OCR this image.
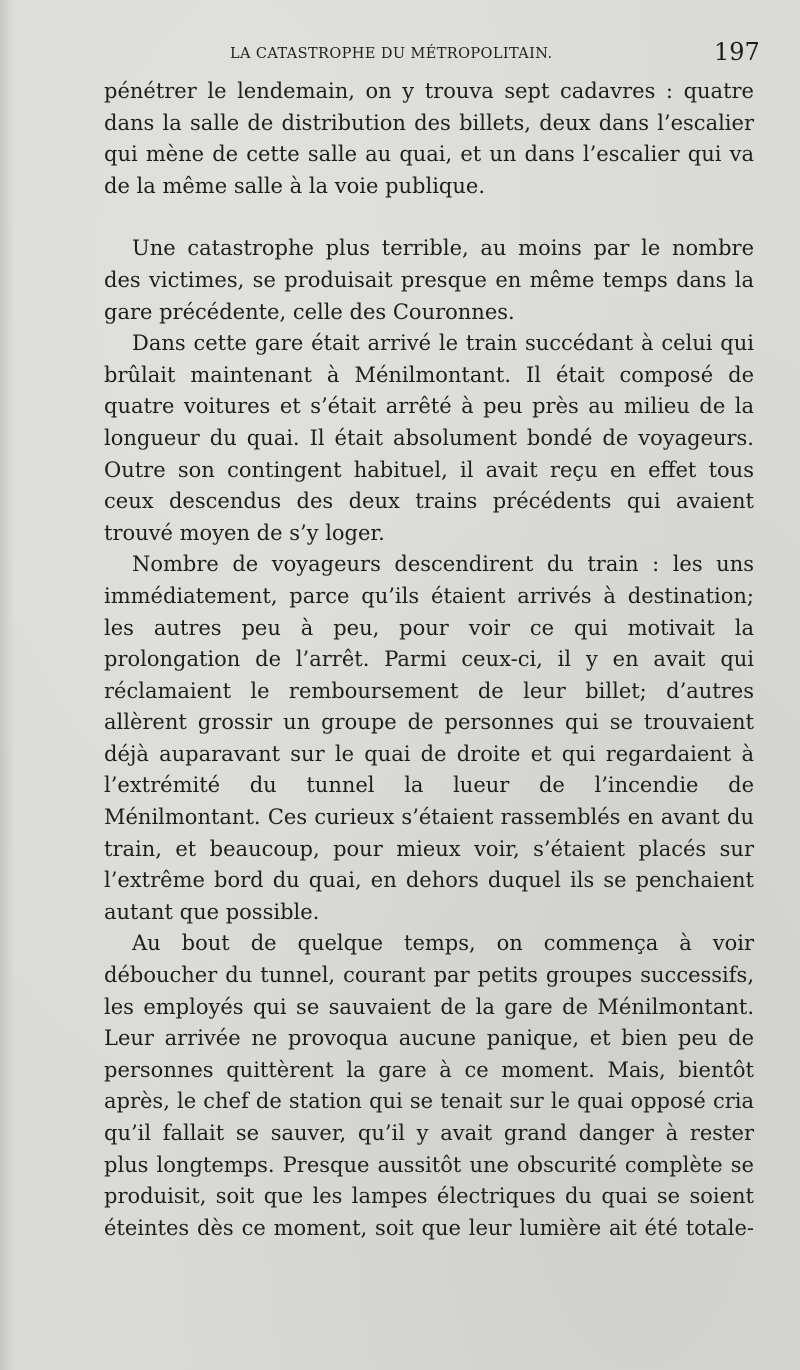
LA CATASTROPHE DU MÉTROPOLITAIN.	197

pénétrer le lendemain, on y trouva sept cadavres : quatre dans la salle de distribution des billets, deux dans l’escalier qui mène de cette salle au quai, et un dans l’escalier qui va de la même salle à la voie publique.

Une catastrophe plus terrible, au moins par le nombre des victimes, se produisait presque en même temps dans la gare précédente, celle des Couronnes.

Dans cette gare était arrivé le train succédant à celui qui brûlait maintenant à Ménilmontant. Il était composé de quatre voitures et s’était arrêté à peu près au milieu de la longueur du quai. Il était absolument bondé de voyageurs. Outre son contingent habituel, il avait reçu en effet tous ceux descendus des deux trains précédents qui avaient trouvé moyen de s’y loger.

Nombre de voyageurs descendirent du train : les uns immédiatement, parce qu’ils étaient arrivés à destination; les autres peu à peu, pour voir ce qui motivait la prolongation de l’arrêt. Parmi ceux-ci, il y en avait qui réclamaient le remboursement de leur billet; d’autres allèrent grossir un groupe de personnes qui se trouvaient déjà auparavant sur le quai de droite et qui regardaient à l’extrémité du tunnel la lueur de l’incendie de Ménilmontant. Ces curieux s’étaient rassemblés en avant du train, et beaucoup, pour mieux voir, s’étaient placés sur l’extrême bord du quai, en dehors duquel ils se penchaient autant que possible.

Au bout de quelque temps, on commença à voir déboucher du tunnel, courant par petits groupes successifs, les employés qui se sauvaient de la gare de Ménilmontant. Leur arrivée ne provoqua aucune panique, et bien peu de personnes quittèrent la gare à ce moment. Mais, bientôt après, le chef de station qui se tenait sur le quai opposé cria qu’il fallait se sauver, qu’il y avait grand danger à rester plus longtemps. Presque aussitôt une obscurité complète se produisit, soit que les lampes électriques du quai se soient éteintes dès ce moment, soit que leur lumière ait été totale-
